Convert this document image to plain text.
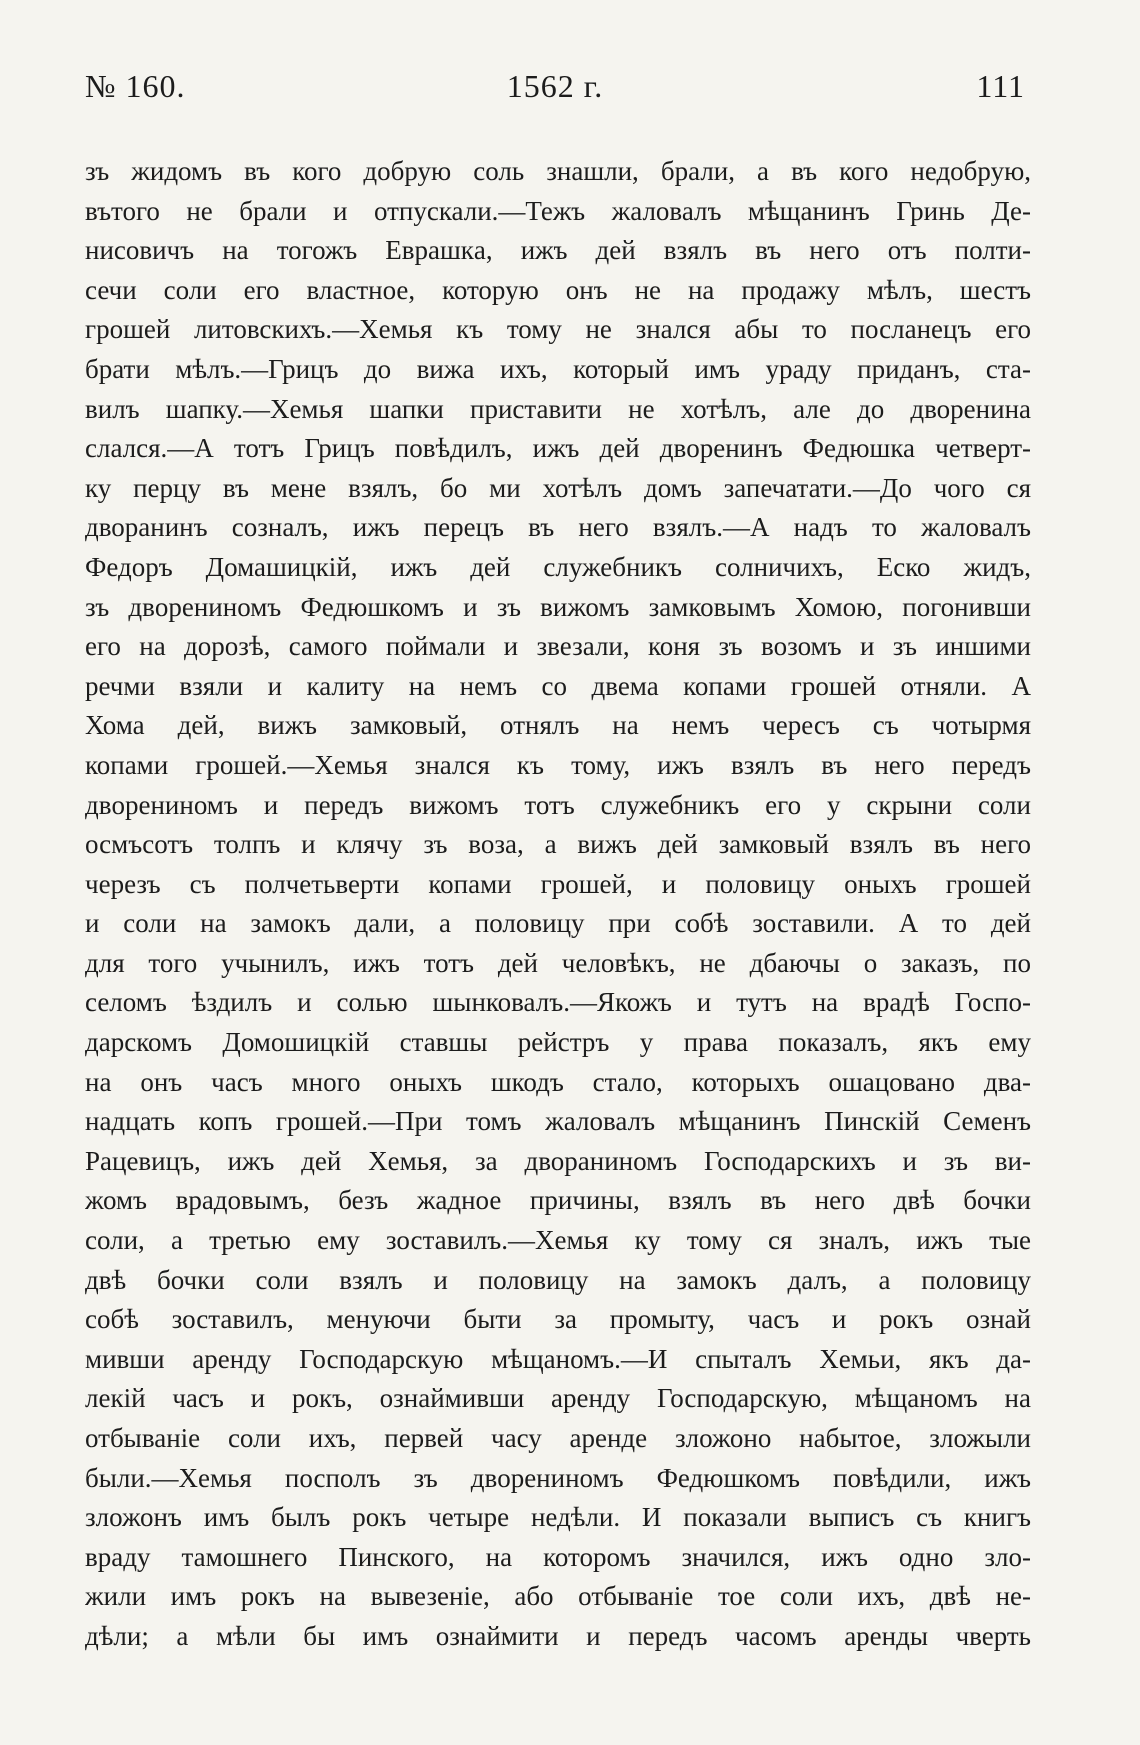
№ 160.	1562 г.	111
зъ жидомъ въ кого добрую соль знашли, брали, а въ кого недобрую,
вътого не брали и отпускали.—Тежъ жаловалъ мѣщанинъ Гринь Де-
нисовичъ на тогожъ Евpaшкa, ижъ дей взялъ въ него отъ полти-
сечи соли его властное, которую онъ не на продажу мѣлъ, шестъ
грошей литовскихъ.—Хемья къ тому не знался абы то посланецъ его
брати мѣлъ.—Грицъ до вижа ихъ, который имъ ураду приданъ, ста-
вилъ шапку.—Хемья шапки приставити не хотѣлъ, але до дворенина
слался.—А тотъ Грицъ повѣдилъ, ижъ дей двopeнинъ Федюшка четверт-
ку перцу въ мене взялъ, бо ми хотѣлъ домъ запечатати.—До чого ся
дворанинъ сознaлъ, ижъ перецъ въ него взялъ.—А надъ то жаловалъ
Федоръ Домашицкій, ижъ дей служебникъ солничихъ, Еско жидъ,
зъ двopeниномъ Федюшкомъ и зъ вижомъ замковымъ Хомою, погонивши
его на дорозѣ, самого поймали и звезали, коня зъ возомъ и зъ иншими
речми взяли и калиту на немъ со двема копами грошей отняли. А
Хома дей, вижъ замковый, отнялъ на немъ чересъ съ чотырмя
копами грошей.—Хемья знался къ тому, ижъ взялъ въ него передъ
двopeниномъ и передъ вижомъ тотъ служебникъ его у скрыни соли
осмъсотъ толпъ и клячу зъ воза, а вижъ дей замковый взялъ въ него
черезъ съ полчетьверти копами грошей, и половицу оныхъ грошей
и соли на замокъ дали, а половицу при собѣ зоставили. А то дей
для того учынилъ, ижъ тотъ дей человѣкъ, не дбаючы о заказъ, по
селомъ ѣздилъ и солью шынковалъ.—Якожъ и тутъ на врадѣ Госпо-
дарскомъ Домошицкій ставшы рейстръ у права показалъ, якъ ему
на онъ часъ много оныхъ шкодъ стало, которыхъ ошацовано два-
надцать копъ грошей.—При томъ жаловалъ мѣщанинъ Пинскій Семенъ
Рацевицъ, ижъ дей Хемья, за дворaниномъ Господарскихъ и зъ ви-
жомъ врадовымъ, безъ жадное причины, взялъ въ него двѣ бочки
соли, а третью ему зоставилъ.—Хемья ку тому ся зналъ, ижъ тые
двѣ бочки соли взялъ и половицу на замокъ далъ, а половицу
собѣ зоставилъ, менуючи быти за промыту, часъ и рокъ ознай
мивши аренду Господарскую мѣщаномъ.—И спыталъ Хемьи, якъ да-
лекій часъ и рокъ, ознаймивши аренду Господарскую, мѣщаномъ на
отбываніе соли ихъ, первей часу аренде зложоно набытое, зложыли
были.—Хемья посполъ зъ двopeниномъ Федюшкомъ повѣдили, ижъ
зложонъ имъ былъ рокъ четыре недѣли. И показали выписъ съ книгъ
враду тамошнего Пинского, на которомъ значился, ижъ одно зло-
жили имъ рокъ на вывезеніе, або отбываніе тое соли ихъ, двѣ не-
дѣли; а мѣли бы имъ ознаймити и передъ часомъ аренды чверть
